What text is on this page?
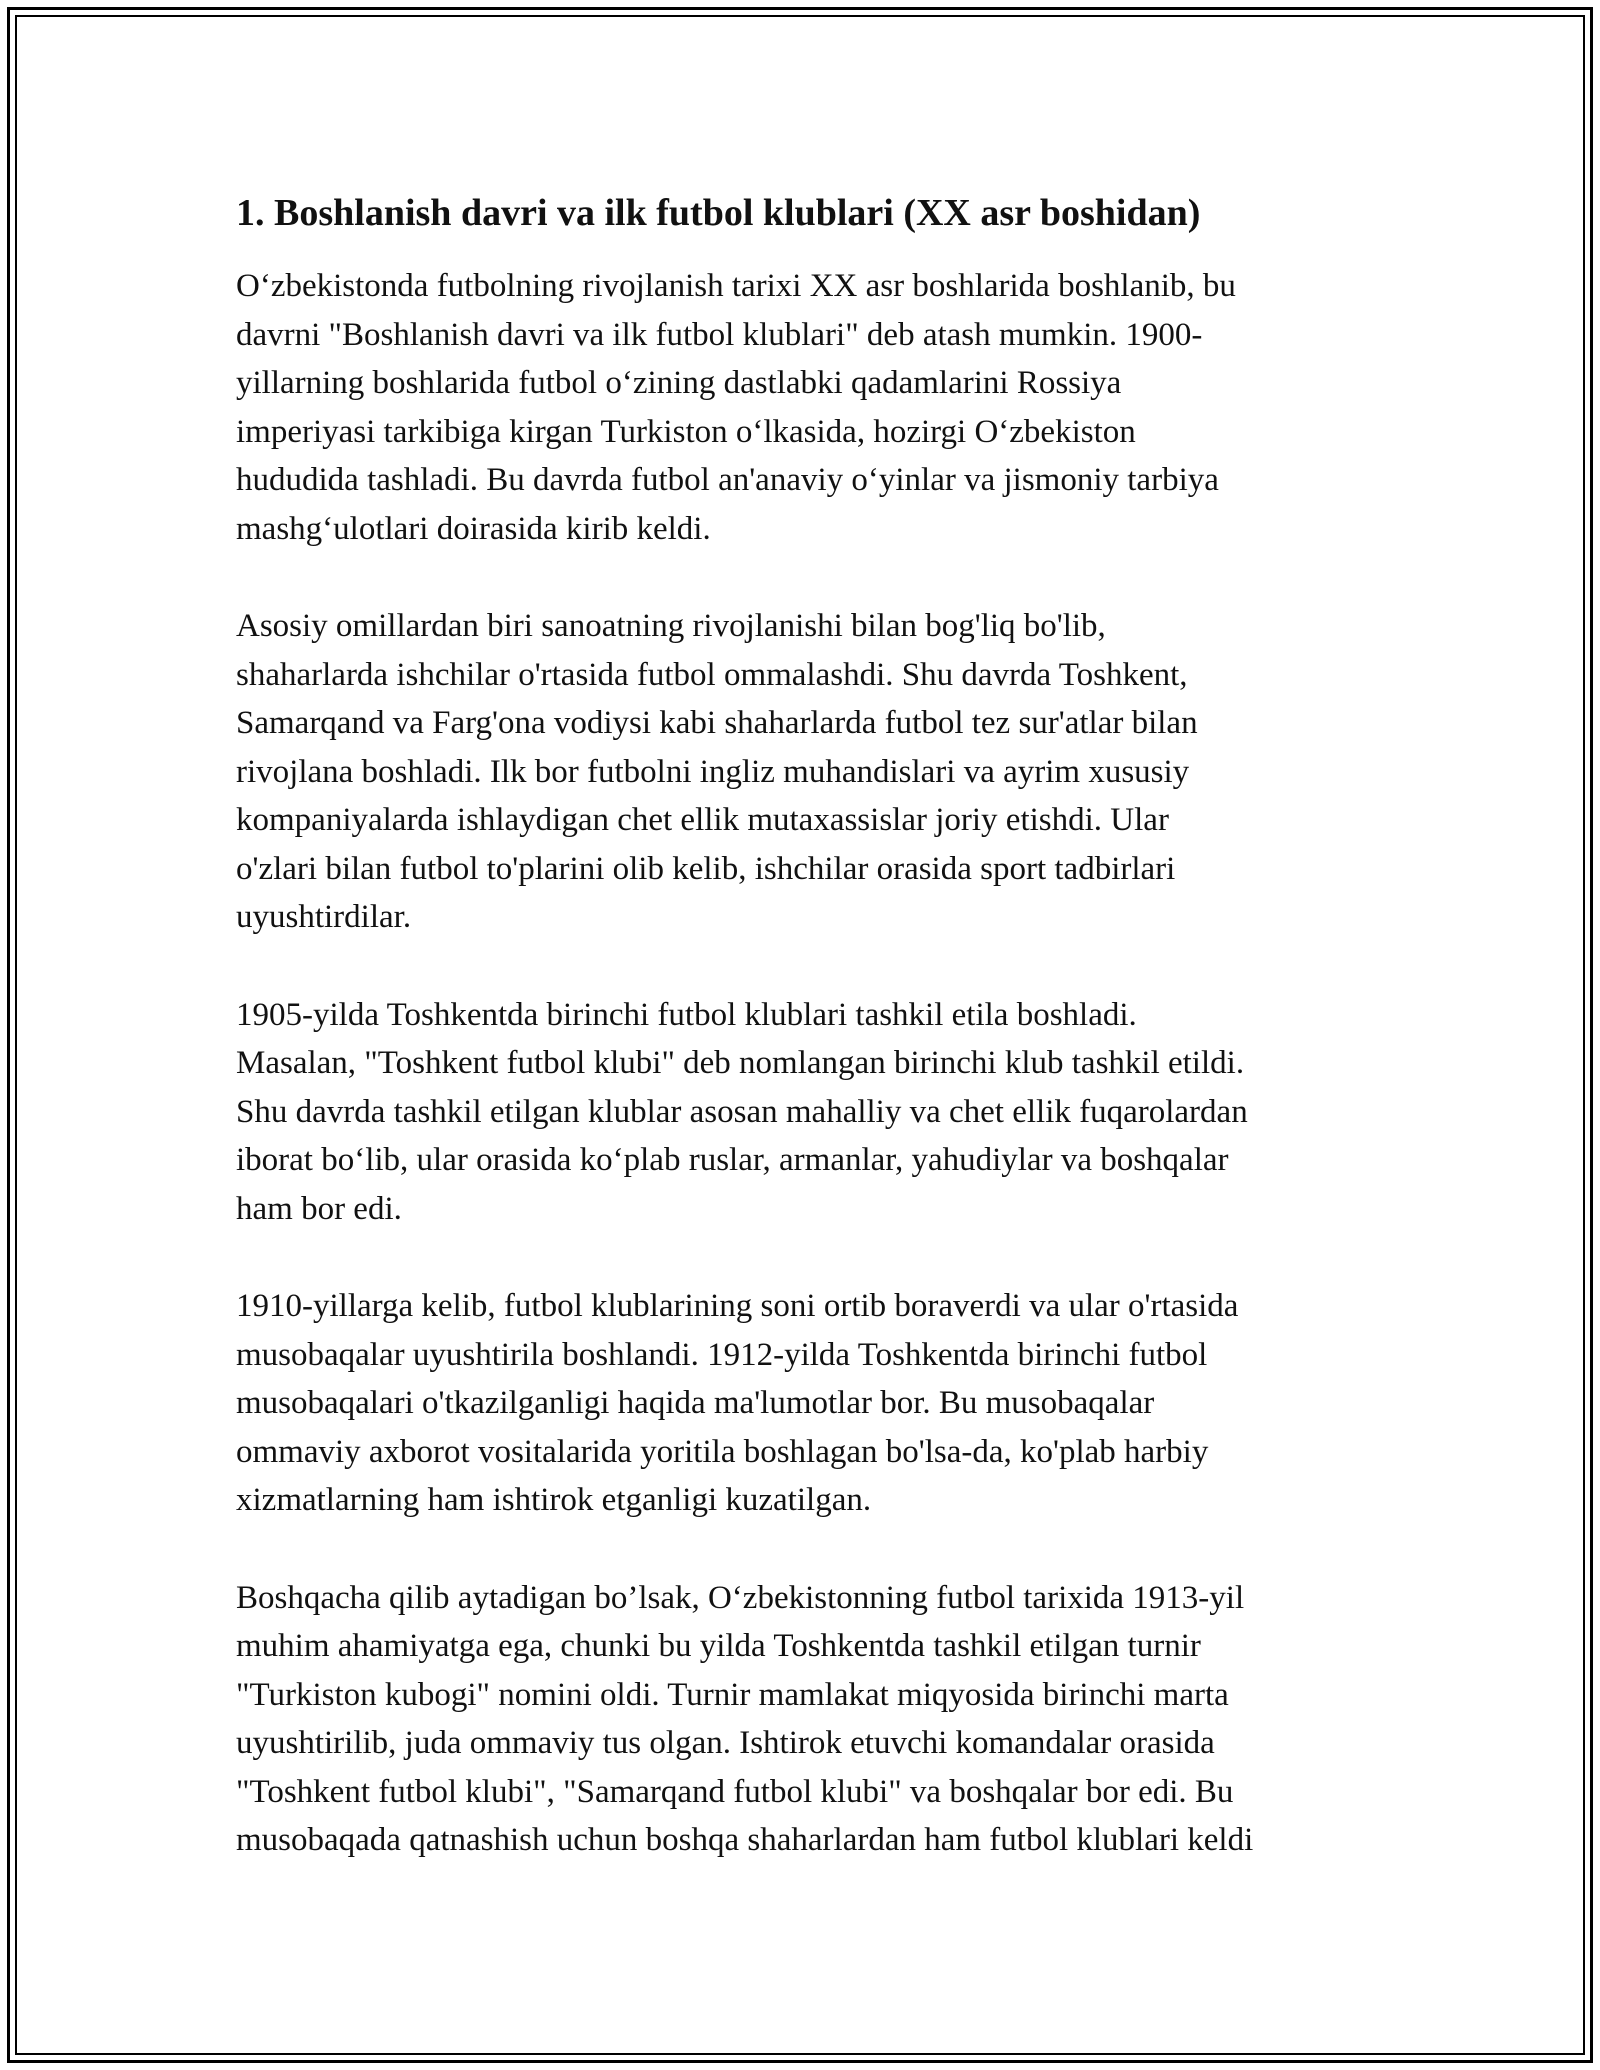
1. Boshlanish davri va ilk futbol klublari (XX asr boshidan)

O‘zbekistonda futbolning rivojlanish tarixi XX asr boshlarida boshlanib, bu
davrni "Boshlanish davri va ilk futbol klublari" deb atash mumkin. 1900-
yillarning boshlarida futbol o‘zining dastlabki qadamlarini Rossiya
imperiyasi tarkibiga kirgan Turkiston o‘lkasida, hozirgi O‘zbekiston
hududida tashladi. Bu davrda futbol an'anaviy o‘yinlar va jismoniy tarbiya
mashg‘ulotlari doirasida kirib keldi.

Asosiy omillardan biri sanoatning rivojlanishi bilan bog'liq bo'lib,
shaharlarda ishchilar o'rtasida futbol ommalashdi. Shu davrda Toshkent,
Samarqand va Farg'ona vodiysi kabi shaharlarda futbol tez sur'atlar bilan
rivojlana boshladi. Ilk bor futbolni ingliz muhandislari va ayrim xususiy
kompaniyalarda ishlaydigan chet ellik mutaxassislar joriy etishdi. Ular
o'zlari bilan futbol to'plarini olib kelib, ishchilar orasida sport tadbirlari
uyushtirdilar.

1905-yilda Toshkentda birinchi futbol klublari tashkil etila boshladi.
Masalan, "Toshkent futbol klubi" deb nomlangan birinchi klub tashkil etildi.
Shu davrda tashkil etilgan klublar asosan mahalliy va chet ellik fuqarolardan
iborat bo‘lib, ular orasida ko‘plab ruslar, armanlar, yahudiylar va boshqalar
ham bor edi.

1910-yillarga kelib, futbol klublarining soni ortib boraverdi va ular o'rtasida
musobaqalar uyushtirila boshlandi. 1912-yilda Toshkentda birinchi futbol
musobaqalari o'tkazilganligi haqida ma'lumotlar bor. Bu musobaqalar
ommaviy axborot vositalarida yoritila boshlagan bo'lsa-da, ko'plab harbiy
xizmatlarning ham ishtirok etganligi kuzatilgan.

Boshqacha qilib aytadigan bo’lsak, O‘zbekistonning futbol tarixida 1913-yil
muhim ahamiyatga ega, chunki bu yilda Toshkentda tashkil etilgan turnir
"Turkiston kubogi" nomini oldi. Turnir mamlakat miqyosida birinchi marta
uyushtirilib, juda ommaviy tus olgan. Ishtirok etuvchi komandalar orasida
"Toshkent futbol klubi", "Samarqand futbol klubi" va boshqalar bor edi. Bu
musobaqada qatnashish uchun boshqa shaharlardan ham futbol klublari keldi
